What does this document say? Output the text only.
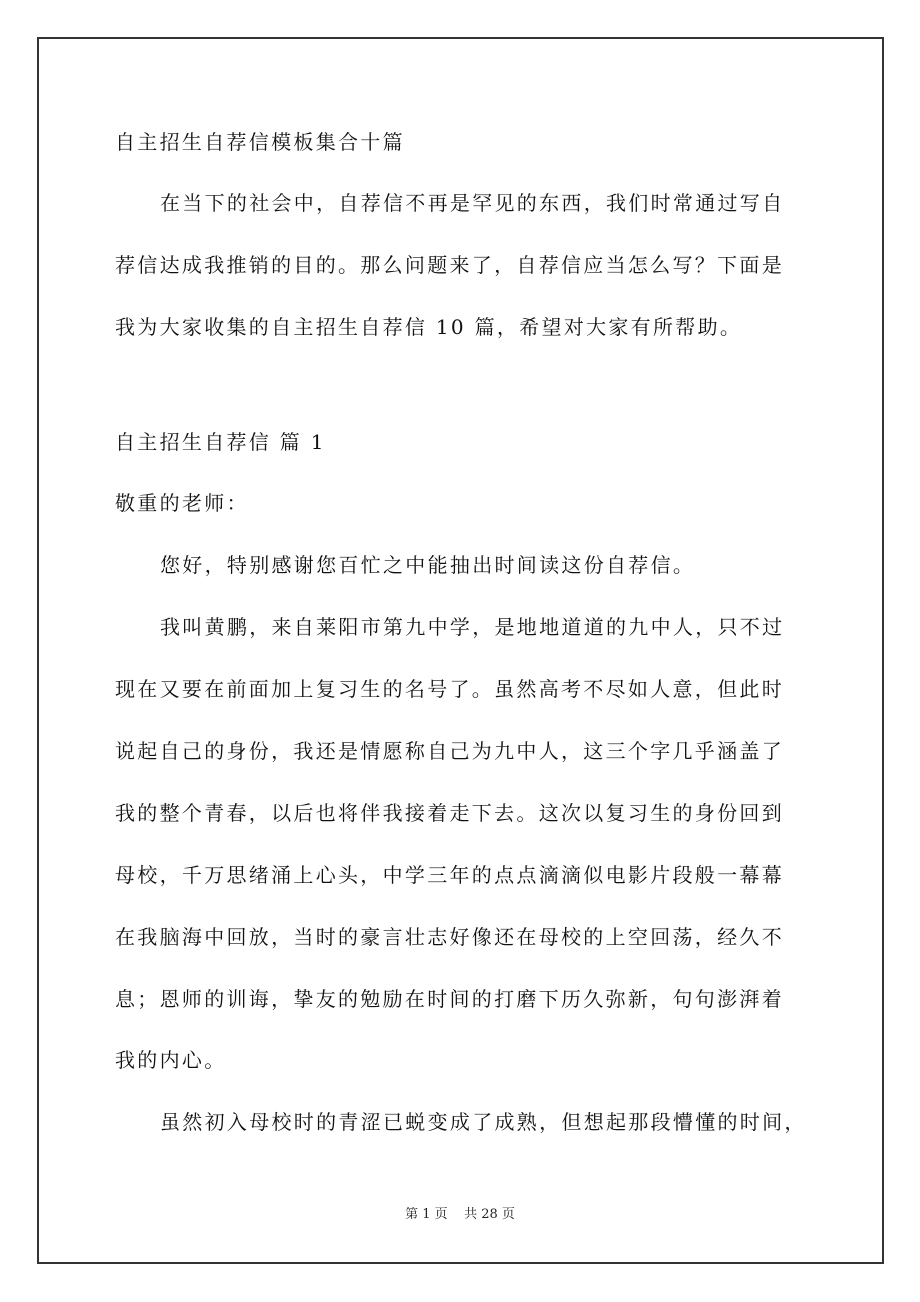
自主招生自荐信模板集合十篇
在当下的社会中，自荐信不再是罕见的东西，我们时常通过写自
荐信达成我推销的目的。那么问题来了，自荐信应当怎么写？下面是
我为大家收集的自主招生自荐信 10 篇，希望对大家有所帮助。
自主招生自荐信 篇 1
敬重的老师：
您好，特别感谢您百忙之中能抽出时间读这份自荐信。
我叫黄鹏，来自莱阳市第九中学，是地地道道的九中人，只不过
现在又要在前面加上复习生的名号了。虽然高考不尽如人意，但此时
说起自己的身份，我还是情愿称自己为九中人，这三个字几乎涵盖了
我的整个青春，以后也将伴我接着走下去。这次以复习生的身份回到
母校，千万思绪涌上心头，中学三年的点点滴滴似电影片段般一幕幕
在我脑海中回放，当时的豪言壮志好像还在母校的上空回荡，经久不
息；恩师的训诲，挚友的勉励在时间的打磨下历久弥新，句句澎湃着
我的内心。
虽然初入母校时的青涩已蜕变成了成熟，但想起那段懵懂的时间，
第 1 页    共 28 页
